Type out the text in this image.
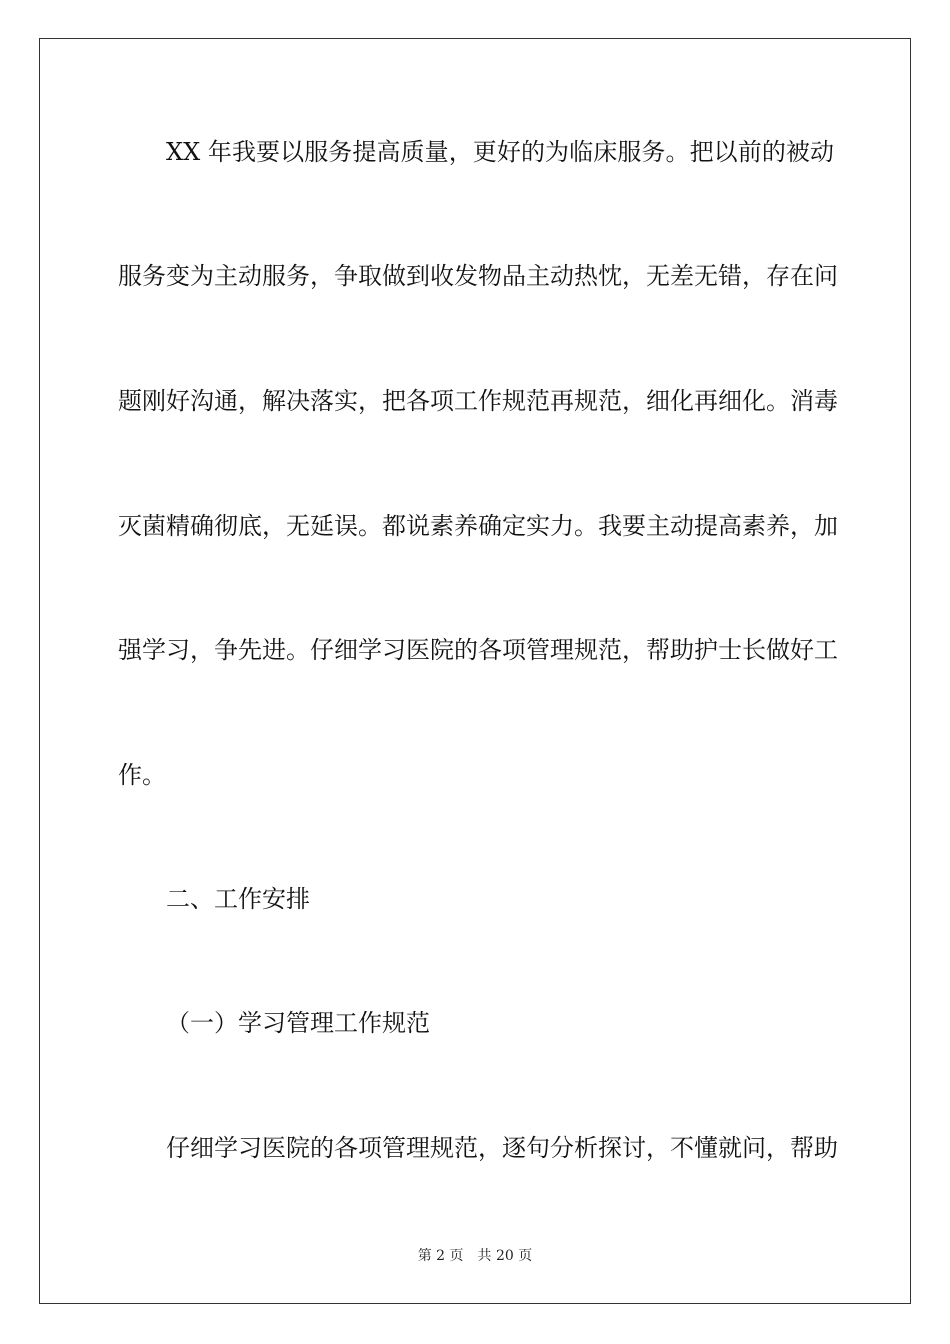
XX 年我要以服务提高质量，更好的为临床服务。把以前的被动
服务变为主动服务，争取做到收发物品主动热忱，无差无错，存在问
题刚好沟通，解决落实，把各项工作规范再规范，细化再细化。消毒
灭菌精确彻底，无延误。都说素养确定实力。我要主动提高素养，加
强学习，争先进。仔细学习医院的各项管理规范，帮助护士长做好工
作。
二、工作安排
（一）学习管理工作规范
仔细学习医院的各项管理规范，逐句分析探讨，不懂就问，帮助
第 2 页 共 20 页
